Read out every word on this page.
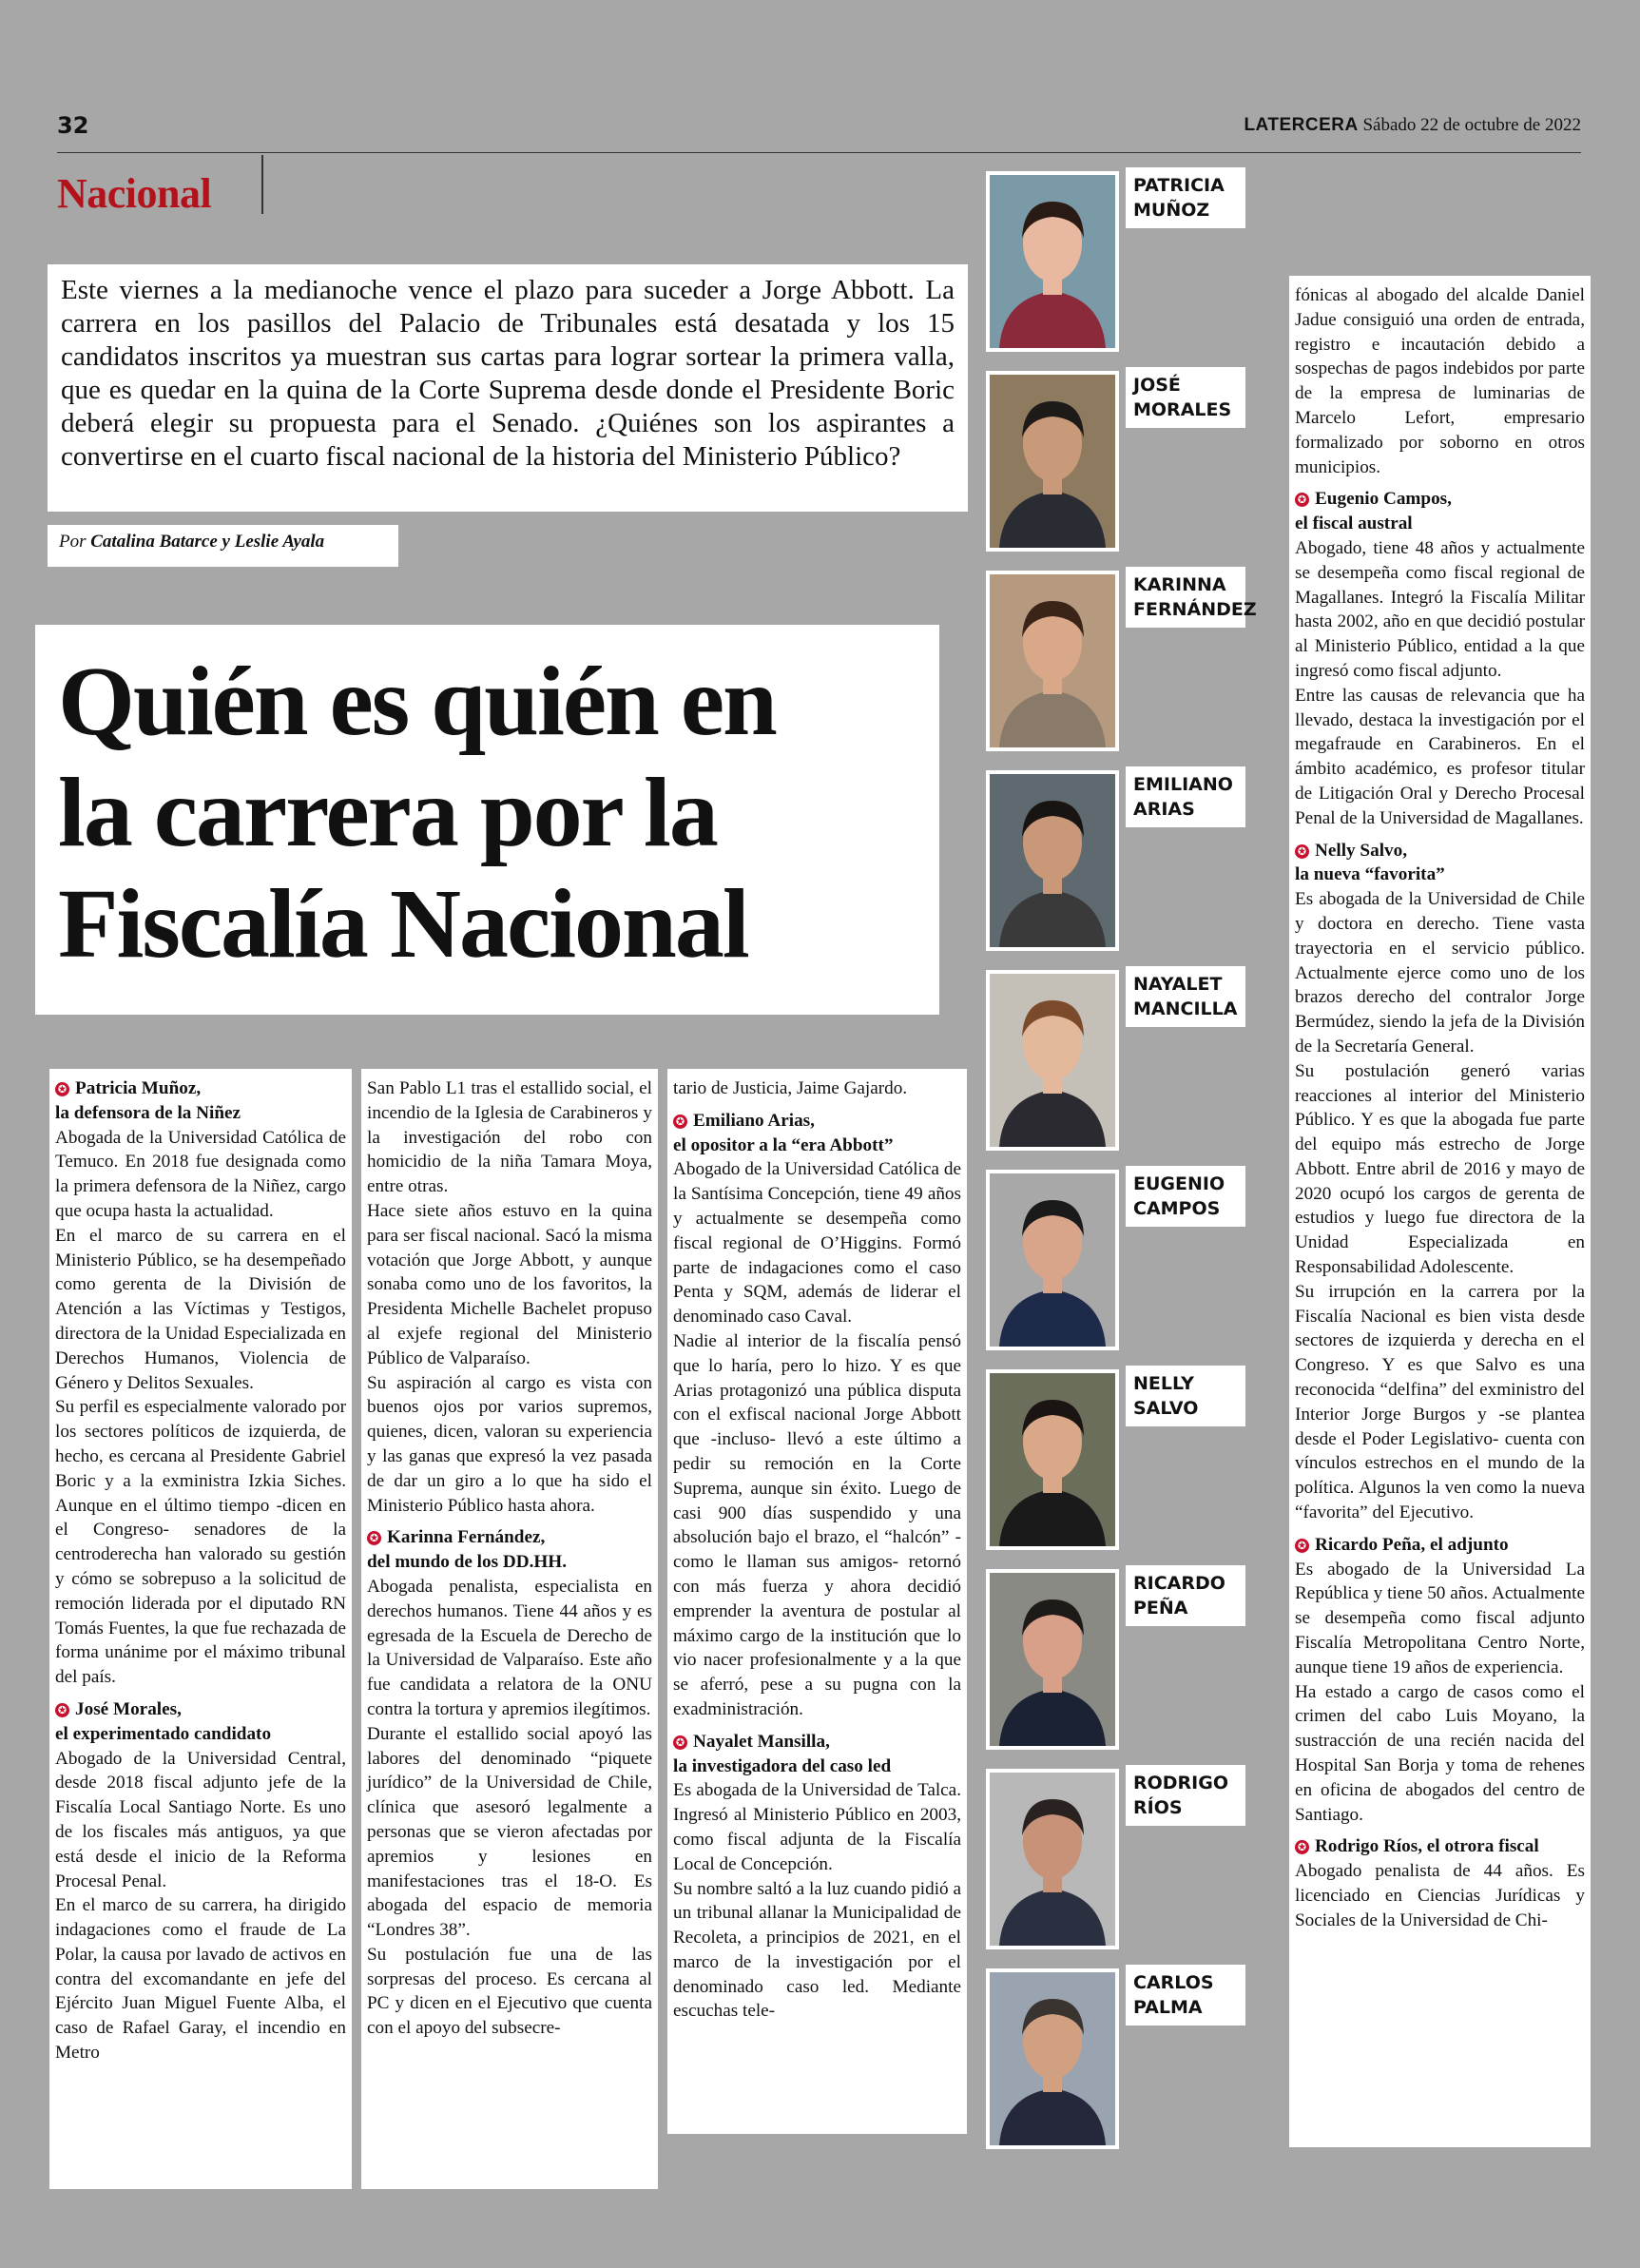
32	LATERCERA Sábado 22 de octubre de 2022
Nacional
Este viernes a la medianoche vence el plazo para suceder a Jorge Abbott. La carrera en los pasillos del Palacio de Tribunales está desatada y los 15 candidatos inscritos ya muestran sus cartas para lograr sortear la primera valla, que es quedar en la quina de la Corte Suprema desde donde el Presidente Boric deberá elegir su propuesta para el Senado. ¿Quiénes son los aspirantes a convertirse en el cuarto fiscal nacional de la historia del Ministerio Público?
Por Catalina Batarce y Leslie Ayala
Quién es quién en
la carrera por la
Fiscalía Nacional

✪ Patricia Muñoz,

la defensora de la Niñez

Abogada de la Universidad Católica de Temuco. En 2018 fue designada como la primera defensora de la Niñez, cargo que ocupa hasta la actualidad.

En el marco de su carrera en el Ministerio Público, se ha desempeñado como gerenta de la División de Atención a las Víctimas y Testigos, directora de la Unidad Especializada en Derechos Humanos, Violencia de Género y Delitos Sexuales.

Su perfil es especialmente valorado por los sectores políticos de izquierda, de hecho, es cercana al Presidente Gabriel Boric y a la exministra Izkia Siches. Aunque en el último tiempo -dicen en el Congreso- senadores de la centroderecha han valorado su gestión y cómo se sobrepuso a la solicitud de remoción liderada por el diputado RN Tomás Fuentes, la que fue rechazada de forma unánime por el máximo tribunal del país.

✪ José Morales,

el experimentado candidato

Abogado de la Universidad Central, desde 2018 fiscal adjunto jefe de la Fiscalía Local Santiago Norte. Es uno de los fiscales más antiguos, ya que está desde el inicio de la Reforma Procesal Penal.

En el marco de su carrera, ha dirigido indagaciones como el fraude de La Polar, la causa por lavado de activos en contra del excomandante en jefe del Ejército Juan Miguel Fuente Alba, el caso de Rafael Garay, el incendio en Metro

San Pablo L1 tras el estallido social, el incendio de la Iglesia de Carabineros y la investigación del robo con homicidio de la niña Tamara Moya, entre otras.

Hace siete años estuvo en la quina para ser fiscal nacional. Sacó la misma votación que Jorge Abbott, y aunque sonaba como uno de los favoritos, la Presidenta Michelle Bachelet propuso al exjefe regional del Ministerio Público de Valparaíso.

Su aspiración al cargo es vista con buenos ojos por varios supremos, quienes, dicen, valoran su experiencia y las ganas que expresó la vez pasada de dar un giro a lo que ha sido el Ministerio Público hasta ahora.

✪ Karinna Fernández,

del mundo de los DD.HH.

Abogada penalista, especialista en derechos humanos. Tiene 44 años y es egresada de la Escuela de Derecho de la Universidad de Valparaíso. Este año fue candidata a relatora de la ONU contra la tortura y apremios ilegítimos.

Durante el estallido social apoyó las labores del denominado “piquete jurídico” de la Universidad de Chile, clínica que asesoró legalmente a personas que se vieron afectadas por apremios y lesiones en manifestaciones tras el 18-O. Es abogada del espacio de memoria “Londres 38”.

Su postulación fue una de las sorpresas del proceso. Es cercana al PC y dicen en el Ejecutivo que cuenta con el apoyo del subsecre-

tario de Justicia, Jaime Gajardo.

✪ Emiliano Arias,

el opositor a la “era Abbott”

Abogado de la Universidad Católica de la Santísima Concepción, tiene 49 años y actualmente se desempeña como fiscal regional de O’Higgins. Formó parte de indagaciones como el caso Penta y SQM, además de liderar el denominado caso Caval.

Nadie al interior de la fiscalía pensó que lo haría, pero lo hizo. Y es que Arias protagonizó una pública disputa con el exfiscal nacional Jorge Abbott que -incluso- llevó a este último a pedir su remoción en la Corte Suprema, aunque sin éxito. Luego de casi 900 días suspendido y una absolución bajo el brazo, el “halcón” -como le llaman sus amigos- retornó con más fuerza y ahora decidió emprender la aventura de postular al máximo cargo de la institución que lo vio nacer profesionalmente y a la que se aferró, pese a su pugna con la exadministración.

✪ Nayalet Mansilla,

la investigadora del caso led

Es abogada de la Universidad de Talca. Ingresó al Ministerio Público en 2003, como fiscal adjunta de la Fiscalía Local de Concepción.

Su nombre saltó a la luz cuando pidió a un tribunal allanar la Municipalidad de Recoleta, a principios de 2021, en el marco de la investigación por el denominado caso led. Mediante escuchas tele-

fónicas al abogado del alcalde Daniel Jadue consiguió una orden de entrada, registro e incautación debido a sospechas de pagos indebidos por parte de la empresa de luminarias de Marcelo Lefort, empresario formalizado por soborno en otros municipios.

✪ Eugenio Campos,

el fiscal austral

Abogado, tiene 48 años y actualmente se desempeña como fiscal regional de Magallanes. Integró la Fiscalía Militar hasta 2002, año en que decidió postular al Ministerio Público, entidad a la que ingresó como fiscal adjunto.

Entre las causas de relevancia que ha llevado, destaca la investigación por el megafraude en Carabineros. En el ámbito académico, es profesor titular de Litigación Oral y Derecho Procesal Penal de la Universidad de Magallanes.

✪ Nelly Salvo,

la nueva “favorita”

Es abogada de la Universidad de Chile y doctora en derecho. Tiene vasta trayectoria en el servicio público. Actualmente ejerce como uno de los brazos derecho del contralor Jorge Bermúdez, siendo la jefa de la División de la Secretaría General.

Su postulación generó varias reacciones al interior del Ministerio Público. Y es que la abogada fue parte del equipo más estrecho de Jorge Abbott. Entre abril de 2016 y mayo de 2020 ocupó los cargos de gerenta de estudios y luego fue directora de la Unidad Especializada en Responsabilidad Adolescente.

Su irrupción en la carrera por la Fiscalía Nacional es bien vista desde sectores de izquierda y derecha en el Congreso. Y es que Salvo es una reconocida “delfina” del exministro del Interior Jorge Burgos y -se plantea desde el Poder Legislativo- cuenta con vínculos estrechos en el mundo de la política. Algunos la ven como la nueva “favorita” del Ejecutivo.

✪ Ricardo Peña, el adjunto

Es abogado de la Universidad La República y tiene 50 años. Actualmente se desempeña como fiscal adjunto Fiscalía Metropolitana Centro Norte, aunque tiene 19 años de experiencia.

Ha estado a cargo de casos como el crimen del cabo Luis Moyano, la sustracción de una recién nacida del Hospital San Borja y toma de rehenes en oficina de abogados del centro de Santiago.

✪ Rodrigo Ríos, el otrora fiscal

Abogado penalista de 44 años. Es licenciado en Ciencias Jurídicas y Sociales de la Universidad de Chi-

PATRICIA
MUÑOZ
JOSÉ
MORALES
KARINNA
FERNÁNDEZ
EMILIANO
ARIAS
NAYALET
MANCILLA
EUGENIO
CAMPOS
NELLY
SALVO
RICARDO
PEÑA
RODRIGO
RÍOS
CARLOS
PALMA
